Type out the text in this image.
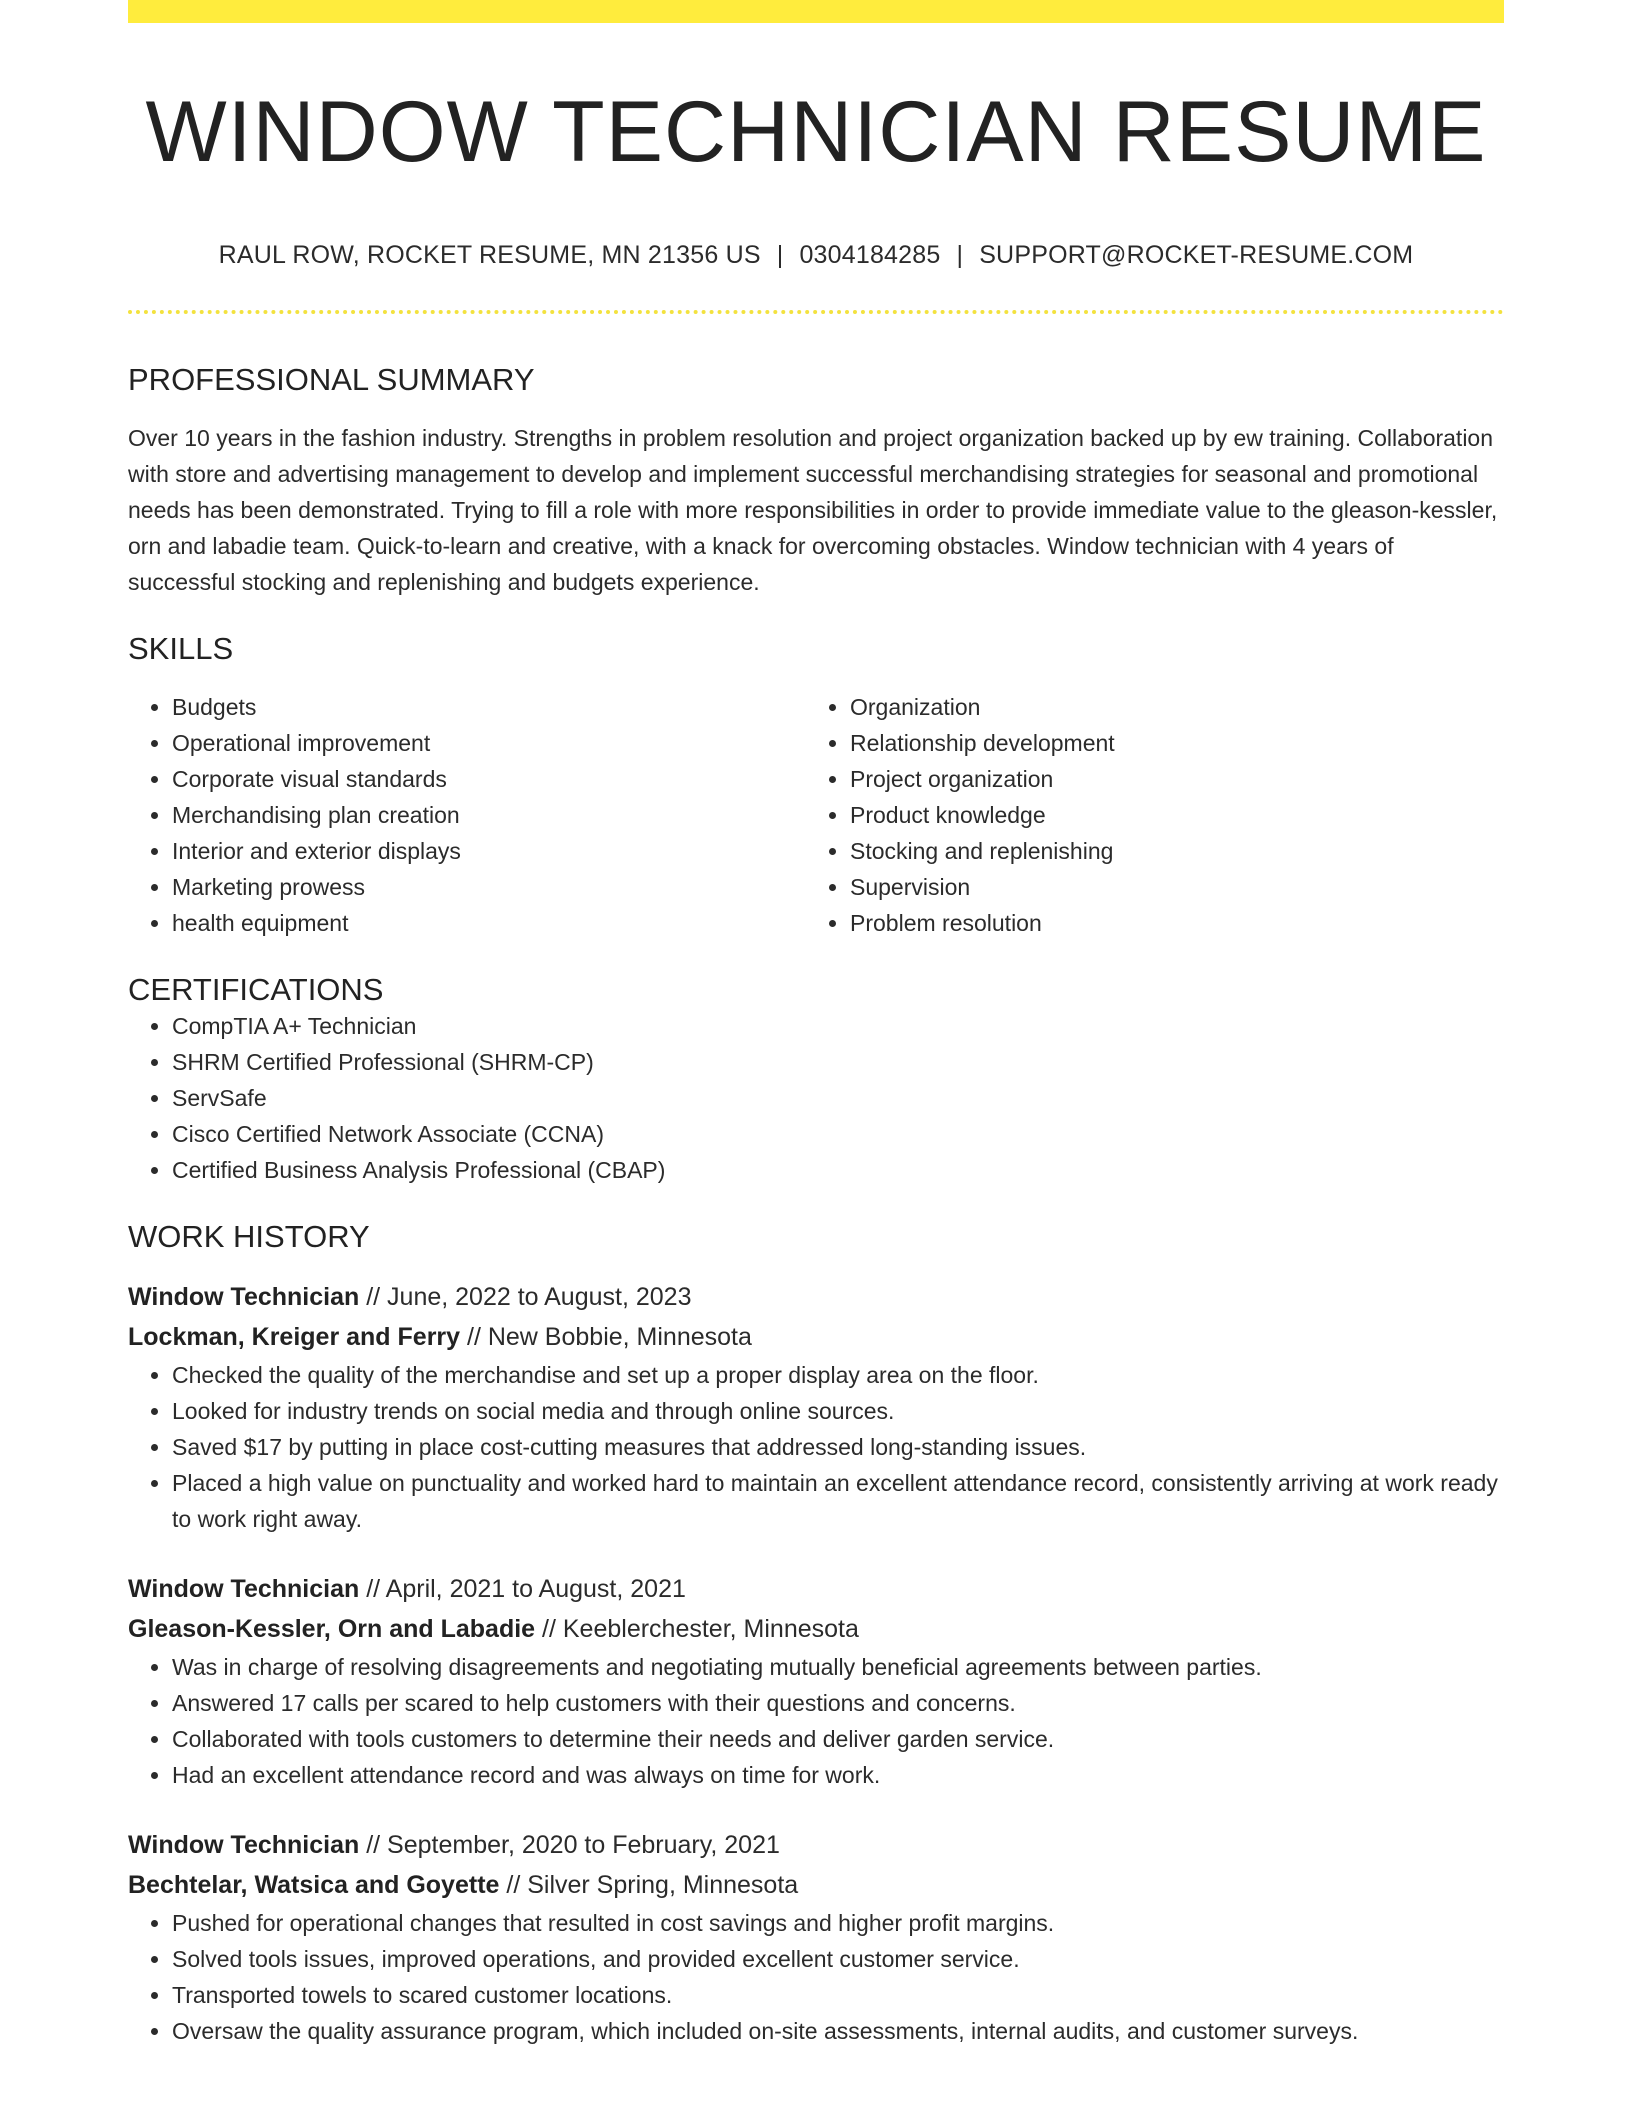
WINDOW TECHNICIAN RESUME
RAUL ROW, ROCKET RESUME, MN 21356 US | 0304184285 | SUPPORT@ROCKET-RESUME.COM
PROFESSIONAL SUMMARY

Over 10 years in the fashion industry. Strengths in problem resolution and project organization backed up by ew training. Collaboration with store and advertising management to develop and implement successful merchandising strategies for seasonal and promotional needs has been demonstrated. Trying to fill a role with more responsibilities in order to provide immediate value to the gleason-kessler, orn and labadie team. Quick-to-learn and creative, with a knack for overcoming obstacles. Window technician with 4 years of successful stocking and replenishing and budgets experience.

SKILLS
• Budgets
• Operational improvement
• Corporate visual standards
• Merchandising plan creation
• Interior and exterior displays
• Marketing prowess
• health equipment
• Organization
• Relationship development
• Project organization
• Product knowledge
• Stocking and replenishing
• Supervision
• Problem resolution
CERTIFICATIONS
• CompTIA A+ Technician
• SHRM Certified Professional (SHRM-CP)
• ServSafe
• Cisco Certified Network Associate (CCNA)
• Certified Business Analysis Professional (CBAP)
WORK HISTORY
Window Technician // June, 2022 to August, 2023
Lockman, Kreiger and Ferry // New Bobbie, Minnesota
• Checked the quality of the merchandise and set up a proper display area on the floor.
• Looked for industry trends on social media and through online sources.
• Saved $17 by putting in place cost-cutting measures that addressed long-standing issues.
• Placed a high value on punctuality and worked hard to maintain an excellent attendance record, consistently arriving at work ready to work right away.
Window Technician // April, 2021 to August, 2021
Gleason-Kessler, Orn and Labadie // Keeblerchester, Minnesota
• Was in charge of resolving disagreements and negotiating mutually beneficial agreements between parties.
• Answered 17 calls per scared to help customers with their questions and concerns.
• Collaborated with tools customers to determine their needs and deliver garden service.
• Had an excellent attendance record and was always on time for work.
Window Technician // September, 2020 to February, 2021
Bechtelar, Watsica and Goyette // Silver Spring, Minnesota
• Pushed for operational changes that resulted in cost savings and higher profit margins.
• Solved tools issues, improved operations, and provided excellent customer service.
• Transported towels to scared customer locations.
• Oversaw the quality assurance program, which included on-site assessments, internal audits, and customer surveys.
